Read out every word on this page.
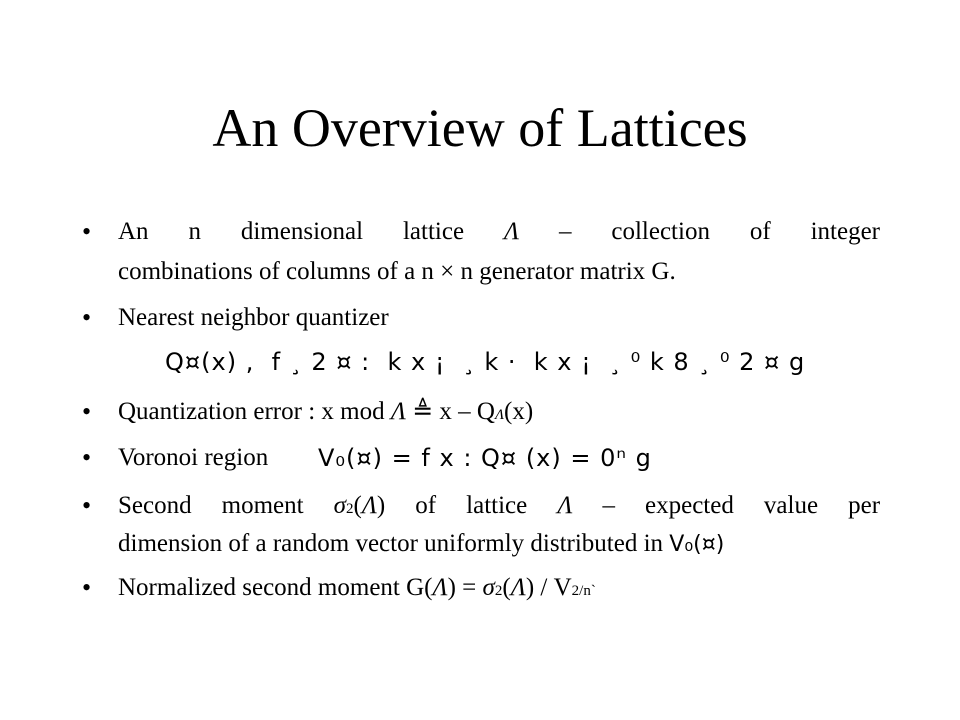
An Overview of Lattices
• An n dimensional lattice Λ – collection of integer
combinations of columns of a n × n generator matrix G.
• Nearest neighbor quantizer
Q¤(x) ,  f ¸ 2 ¤ :  k x ¡  ¸ k ·  k x ¡  ¸ ⁰ k 8 ¸ ⁰ 2 ¤ g
• Quantization error : x mod Λ ≜ x – $Q_\Lambda(x)$
• Voronoi region	V₀(¤) = f x : Q¤ (x) = 0ⁿ g
• Second moment $\sigma^2(\Lambda)$ of lattice Λ – expected value per
dimension of a random vector uniformly distributed in V₀(¤)
• Normalized second moment $G(\Lambda) = \sigma^2(\Lambda) / V^{2/n`}$
